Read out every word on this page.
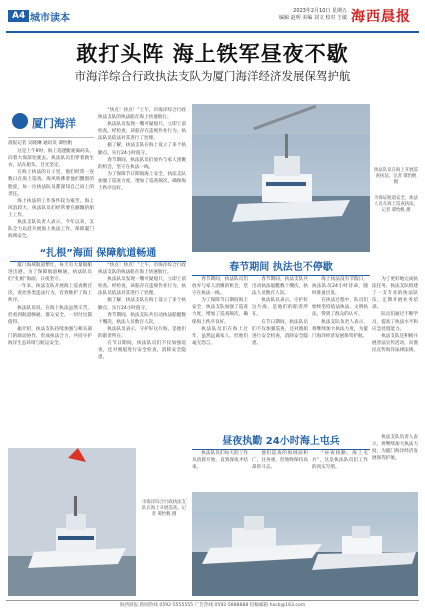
A4 城市读本
2023年2月10日 星期五
编辑 赵明 美编 刘文 校对 王敏 海西晨报
敢打头阵 海上铁军昼夜不歇
市海洋综合行政执法支队为厦门海洋经济发展保驾护航
厦门海洋

晨报记者 吴晓琳 通讯员 谭怡帆

这是上午9时，海上巡逻艇驶离码头，向着大海深处驶去。执法队员们穿着救生衣，站在船头，目光坚定。

在海上执法的日子里，他们经常一连数日在海上巡查。海风吹拂着他们黝黑的脸庞，每一位执法队员都深知自己肩上的责任。

海上执法的工作条件较为艰苦，海上风浪较大，执法队员们经常要在颠簸的船上工作。

执法支队负责人表示，今年以来，支队全力以赴开展海上执法工作，保障厦门海域安全。

“快点！快点！”上午，市海洋综合行政执法支队的执法船在海上快速航行。

执法队员发现一艘可疑船只，立即上前检查。经检查，该船存在违规作业行为，执法队员依法对其进行了处理。

据了解，执法支队在海上设立了多个执勤点，实行24小时值守。

春节期间，执法队员们放弃与家人团聚的机会，坚守在执法一线。

为了保障节日期间海上安全，执法支队加强了巡查力度，增加了巡查频次，确保海上秩序良好。

执法队员在海上开展巡查执法。记者 谭怡帆 摄
为保证航道安全，执法人员在海上巡查执法。记者 谭怡帆 摄
“扎根”海面 保障航道畅通

厦门海域航道繁忙，每天有大量船舶进出港。为了保障航道畅通，执法队员们“扎根”海面，日夜坚守。

一年来，执法支队开展海上巡查数百次，查处各类违法行为，有效维护了海上秩序。

执法队员说，在海上执法虽然辛苦，但看到航道畅通、群众安全，一切付出都值得。

据介绍，执法支队持续加强与相关部门的联动协作，形成执法合力，共同守护海洋生态环境与航运安全。

“快点！快点！”上午，市海洋综合行政执法支队的执法船在海上快速航行。

执法队员发现一艘可疑船只，立即上前检查。经检查，该船存在违规作业行为，执法队员依法对其进行了处理。

据了解，执法支队在海上设立了多个执勤点，实行24小时值守。

春节期间，执法支队共出动执法船艇数十艘次，执法人员数百人次。

执法队员表示，守护好这片海，是他们的职责所在。

在节日期间，执法队员们不仅加强巡查，还对渔船进行安全检查，消除安全隐患。

春节期间 执法也不停歇

春节期间，执法队员们放弃与家人团聚的机会，坚守在执法一线。

为了保障节日期间海上安全，执法支队加强了巡查力度，增加了巡查频次，确保海上秩序良好。

执法队员们在海上过年，虽然远离家人，但他们毫无怨言。

春节期间，执法支队共出动执法船艇数十艘次，执法人员数百人次。

执法队员表示，守护好这片海，是他们的职责所在。

在节日期间，执法队员们不仅加强巡查，还对渔船进行安全检查，消除安全隐患。

海上执法没有节假日，执法队员24小时待命，随时准备出发。

在执法过程中，队员们始终坚持依法执法、文明执法，得到了群众的认可。

执法支队负责人表示，将继续加大执法力度，为厦门海洋经济发展保驾护航。

为了更好地完成执法任务，执法支队组建了一支专业的执法队伍，定期开展业务培训。

队员们通过不断学习，提高了执法水平和应急处置能力。

执法支队还积极开展普法宣传活动，向渔民宣传海洋法律法规。

昼夜执勤 24小时海上屯兵

执法队员们每天的工作从清晨开始，直到深夜才结束。

他们巡查的海域面积广，任务重，但始终保持高昂的斗志。

“昼夜执勤，海上屯兵”，这是执法队员们工作的真实写照。

执法支队负责人表示，将继续加大执法力度，为厦门海洋经济发展保驾护航。

市海洋综合行政执法支队在海上开展巡查。记者 谭怡帆 摄
海西晨报 新闻热线 0592-5555555 广告热线 0592-5888888 投稿邮箱 hxcb@163.com
